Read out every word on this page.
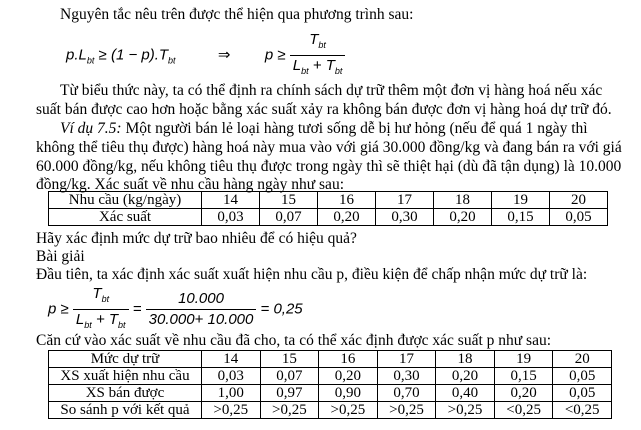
Nguyên tắc nêu trên được thể hiện qua phương trình sau:
$p.L_{bt} \ge (1 - p).T_{bt}$	⇒ $p \ge \frac{T_{bt}}{L_{bt} + T_{bt}}$
Từ biểu thức này, ta có thể định ra chính sách dự trữ thêm một đơn vị hàng hoá nếu xác
suất bán được cao hơn hoặc bằng xác suất xảy ra không bán được đơn vị hàng hoá dự trữ đó.
Ví dụ 7.5: Một người bán lẻ loại hàng tươi sống dễ bị hư hỏng (nếu để quá 1 ngày thì
không thể tiêu thụ được) hàng hoá này mua vào với giá 30.000 đồng/kg và đang bán ra với giá
60.000 đồng/kg, nếu không tiêu thụ được trong ngày thì sẽ thiệt hại (dù đã tận dụng) là 10.000
đồng/kg. Xác suất về nhu cầu hàng ngày như sau:
Nhu cầu (kg/ngày)	14	15	16	17	18	19	20
Xác suất	0,03	0,07	0,20	0,30	0,20	0,15	0,05
Hãy xác định mức dự trữ bao nhiêu để có hiệu quả?
Bài giải
Đầu tiên, ta xác định xác suất xuất hiện nhu cầu p, điều kiện để chấp nhận mức dự trữ là:
$p \ge \frac{T_{bt}}{L_{bt} + T_{bt}} = \frac{10.000}{30.000+ 10.000} = 0,25$
Căn cứ vào xác suất về nhu cầu đã cho, ta có thể xác định được xác suất p như sau:
Mức dự trữ	14	15	16	17	18	19	20
XS xuất hiện nhu cầu	0,03	0,07	0,20	0,30	0,20	0,15	0,05
XS bán được	1,00	0,97	0,90	0,70	0,40	0,20	0,05
So sánh p với kết quả	>0,25	>0,25	>0,25	>0,25	>0,25	<0,25	<0,25
